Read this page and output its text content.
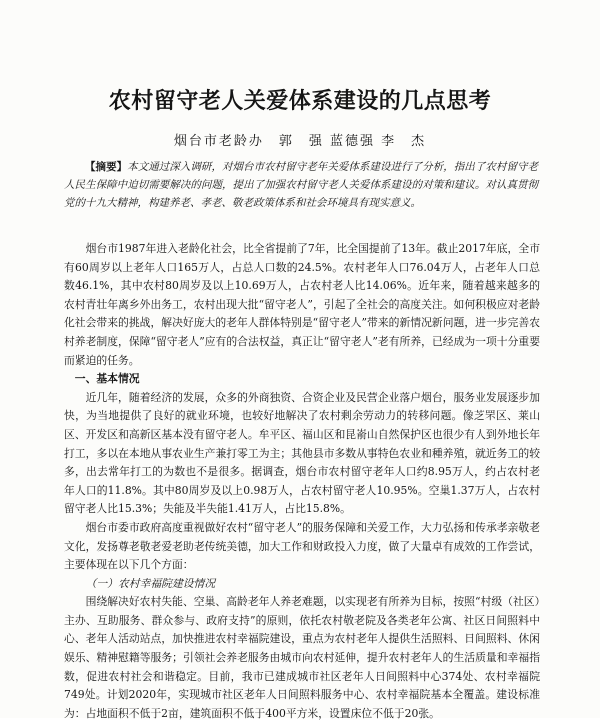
农村留守老人关爱体系建设的几点思考
烟台市老龄办　郭　强 蓝德强 李　杰
【摘要】本文通过深入调研，对烟台市农村留守老年关爱体系建设进行了分析，指出了农村留守老人民生保障中迫切需要解决的问题，提出了加强农村留守老人关爱体系建设的对策和建议。对认真贯彻党的十九大精神，构建养老、孝老、敬老政策体系和社会环境具有现实意义。

烟台市1987年进入老龄化社会，比全省提前了7年，比全国提前了13年。截止2017年底，全市有60周岁以上老年人口165万人，占总人口数的24.5%。农村老年人口76.04万人，占老年人口总数46.1%，其中农村80周岁及以上10.69万人，占农村老人比14.06%。近年来，随着越来越多的农村青壮年离乡外出务工，农村出现大批“留守老人”，引起了全社会的高度关注。如何积极应对老龄化社会带来的挑战，解决好庞大的老年人群体特别是“留守老人”带来的新情况新问题，进一步完善农村养老制度，保障“留守老人”应有的合法权益，真正让“留守老人”老有所养，已经成为一项十分重要而紧迫的任务。

一、基本情况

近几年，随着经济的发展，众多的外商独资、合资企业及民营企业落户烟台，服务业发展逐步加快，为当地提供了良好的就业环境，也较好地解决了农村剩余劳动力的转移问题。像芝罘区、莱山区、开发区和高新区基本没有留守老人。牟平区、福山区和昆嵛山自然保护区也很少有人到外地长年打工，多以在本地从事农业生产兼打零工为主；其他县市多数从事特色农业和種养殖，就近务工的较多，出去常年打工的为数也不是很多。据调查，烟台市农村留守老年人口约8.95万人，约占农村老年人口的11.8%。其中80周岁及以上0.98万人，占农村留守老人10.95%。空巢1.37万人，占农村留守老人比15.3%；失能及半失能1.41万人，占比15.8%。

烟台市委市政府高度重视做好农村“留守老人”的服务保障和关爱工作，大力弘扬和传承孝亲敬老文化，发扬尊老敬老爱老助老传统美德，加大工作和财政投入力度，做了大量卓有成效的工作尝试，主要体现在以下几个方面：

（一）农村幸福院建设情况

围绕解决好农村失能、空巢、高龄老年人养老难题，以实现老有所养为目标，按照“村级（社区）主办、互助服务、群众参与、政府支持”的原则，依托农村敬老院及各类老年公寓、社区日间照料中心、老年人活动站点，加快推进农村幸福院建设，重点为农村老年人提供生活照料、日间照料、休闲娱乐、精神慰籍等服务；引领社会养老服务由城市向农村延伸，提升农村老年人的生活质量和幸福指数，促进农村社会和谐稳定。目前，我市已建成城市社区老年人日间照料中心374处、农村幸福院749处。计划2020年，实现城市社区老年人日间照料服务中心、农村幸福院基本全覆盖。建设标准为：占地面积不低于2亩，建筑面积不低于400平方米，设置床位不低于20张。
